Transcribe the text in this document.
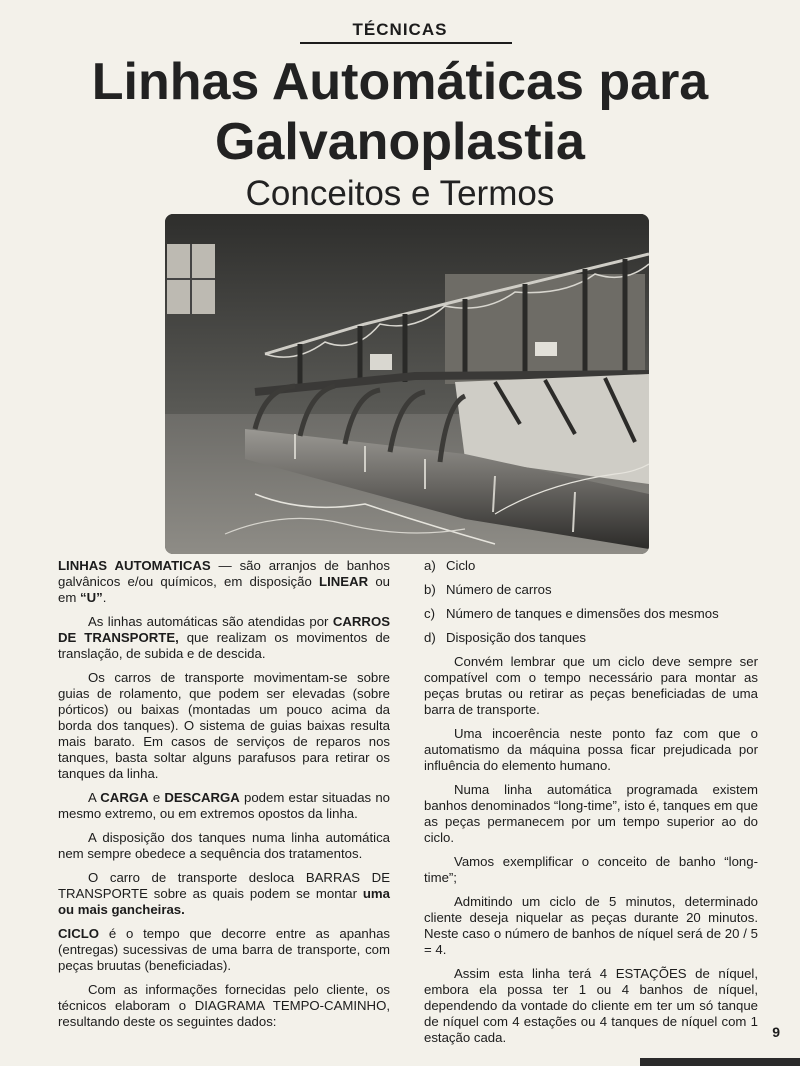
TÉCNICAS
Linhas Automáticas para
Galvanoplastia
Conceitos e Termos

LINHAS AUTOMATICAS — são arranjos de banhos galvânicos e/ou químicos, em disposição LINEAR ou em “U”.

As linhas automáticas são atendidas por CARROS DE TRANSPORTE, que realizam os movimentos de translação, de subida e de descida.

Os carros de transporte movimentam-se sobre guias de rolamento, que podem ser elevadas (sobre pórticos) ou baixas (montadas um pouco acima da borda dos tanques). O sistema de guias baixas resulta mais barato. Em casos de serviços de reparos nos tanques, basta soltar alguns parafusos para retirar os tanques da linha.

A CARGA e DESCARGA podem estar situadas no mesmo extremo, ou em extremos opostos da linha.

A disposição dos tanques numa linha automática nem sempre obedece a sequência dos tratamentos.

O carro de transporte desloca BARRAS DE TRANSPORTE sobre as quais podem se montar uma ou mais gancheiras.

CICLO é o tempo que decorre entre as apanhas (entregas) sucessivas de uma barra de transporte, com peças bruutas (beneficiadas).

Com as informações fornecidas pelo cliente, os técnicos elaboram o DIAGRAMA TEMPO-CAMINHO, resultando deste os seguintes dados:

a) Ciclo
b) Número de carros
c) Número de tanques e dimensões dos mesmos
d) Disposição dos tanques

Convém lembrar que um ciclo deve sempre ser compatível com o tempo necessário para montar as peças brutas ou retirar as peças beneficiadas de uma barra de transporte.

Uma incoerência neste ponto faz com que o automatismo da máquina possa ficar prejudicada por influência do elemento humano.

Numa linha automática programada existem banhos denominados “long-time”, isto é, tanques em que as peças permanecem por um tempo superior ao do ciclo.

Vamos exemplificar o conceito de banho “long-time”;

Admitindo um ciclo de 5 minutos, determinado cliente deseja niquelar as peças durante 20 minutos. Neste caso o número de banhos de níquel será de 20 / 5 = 4.

Assim esta linha terá 4 ESTAÇÕES de níquel, embora ela possa ter 1 ou 4 banhos de níquel, dependendo da vontade do cliente em ter um só tanque de níquel com 4 estações ou 4 tanques de níquel com 1 estação cada.	9
